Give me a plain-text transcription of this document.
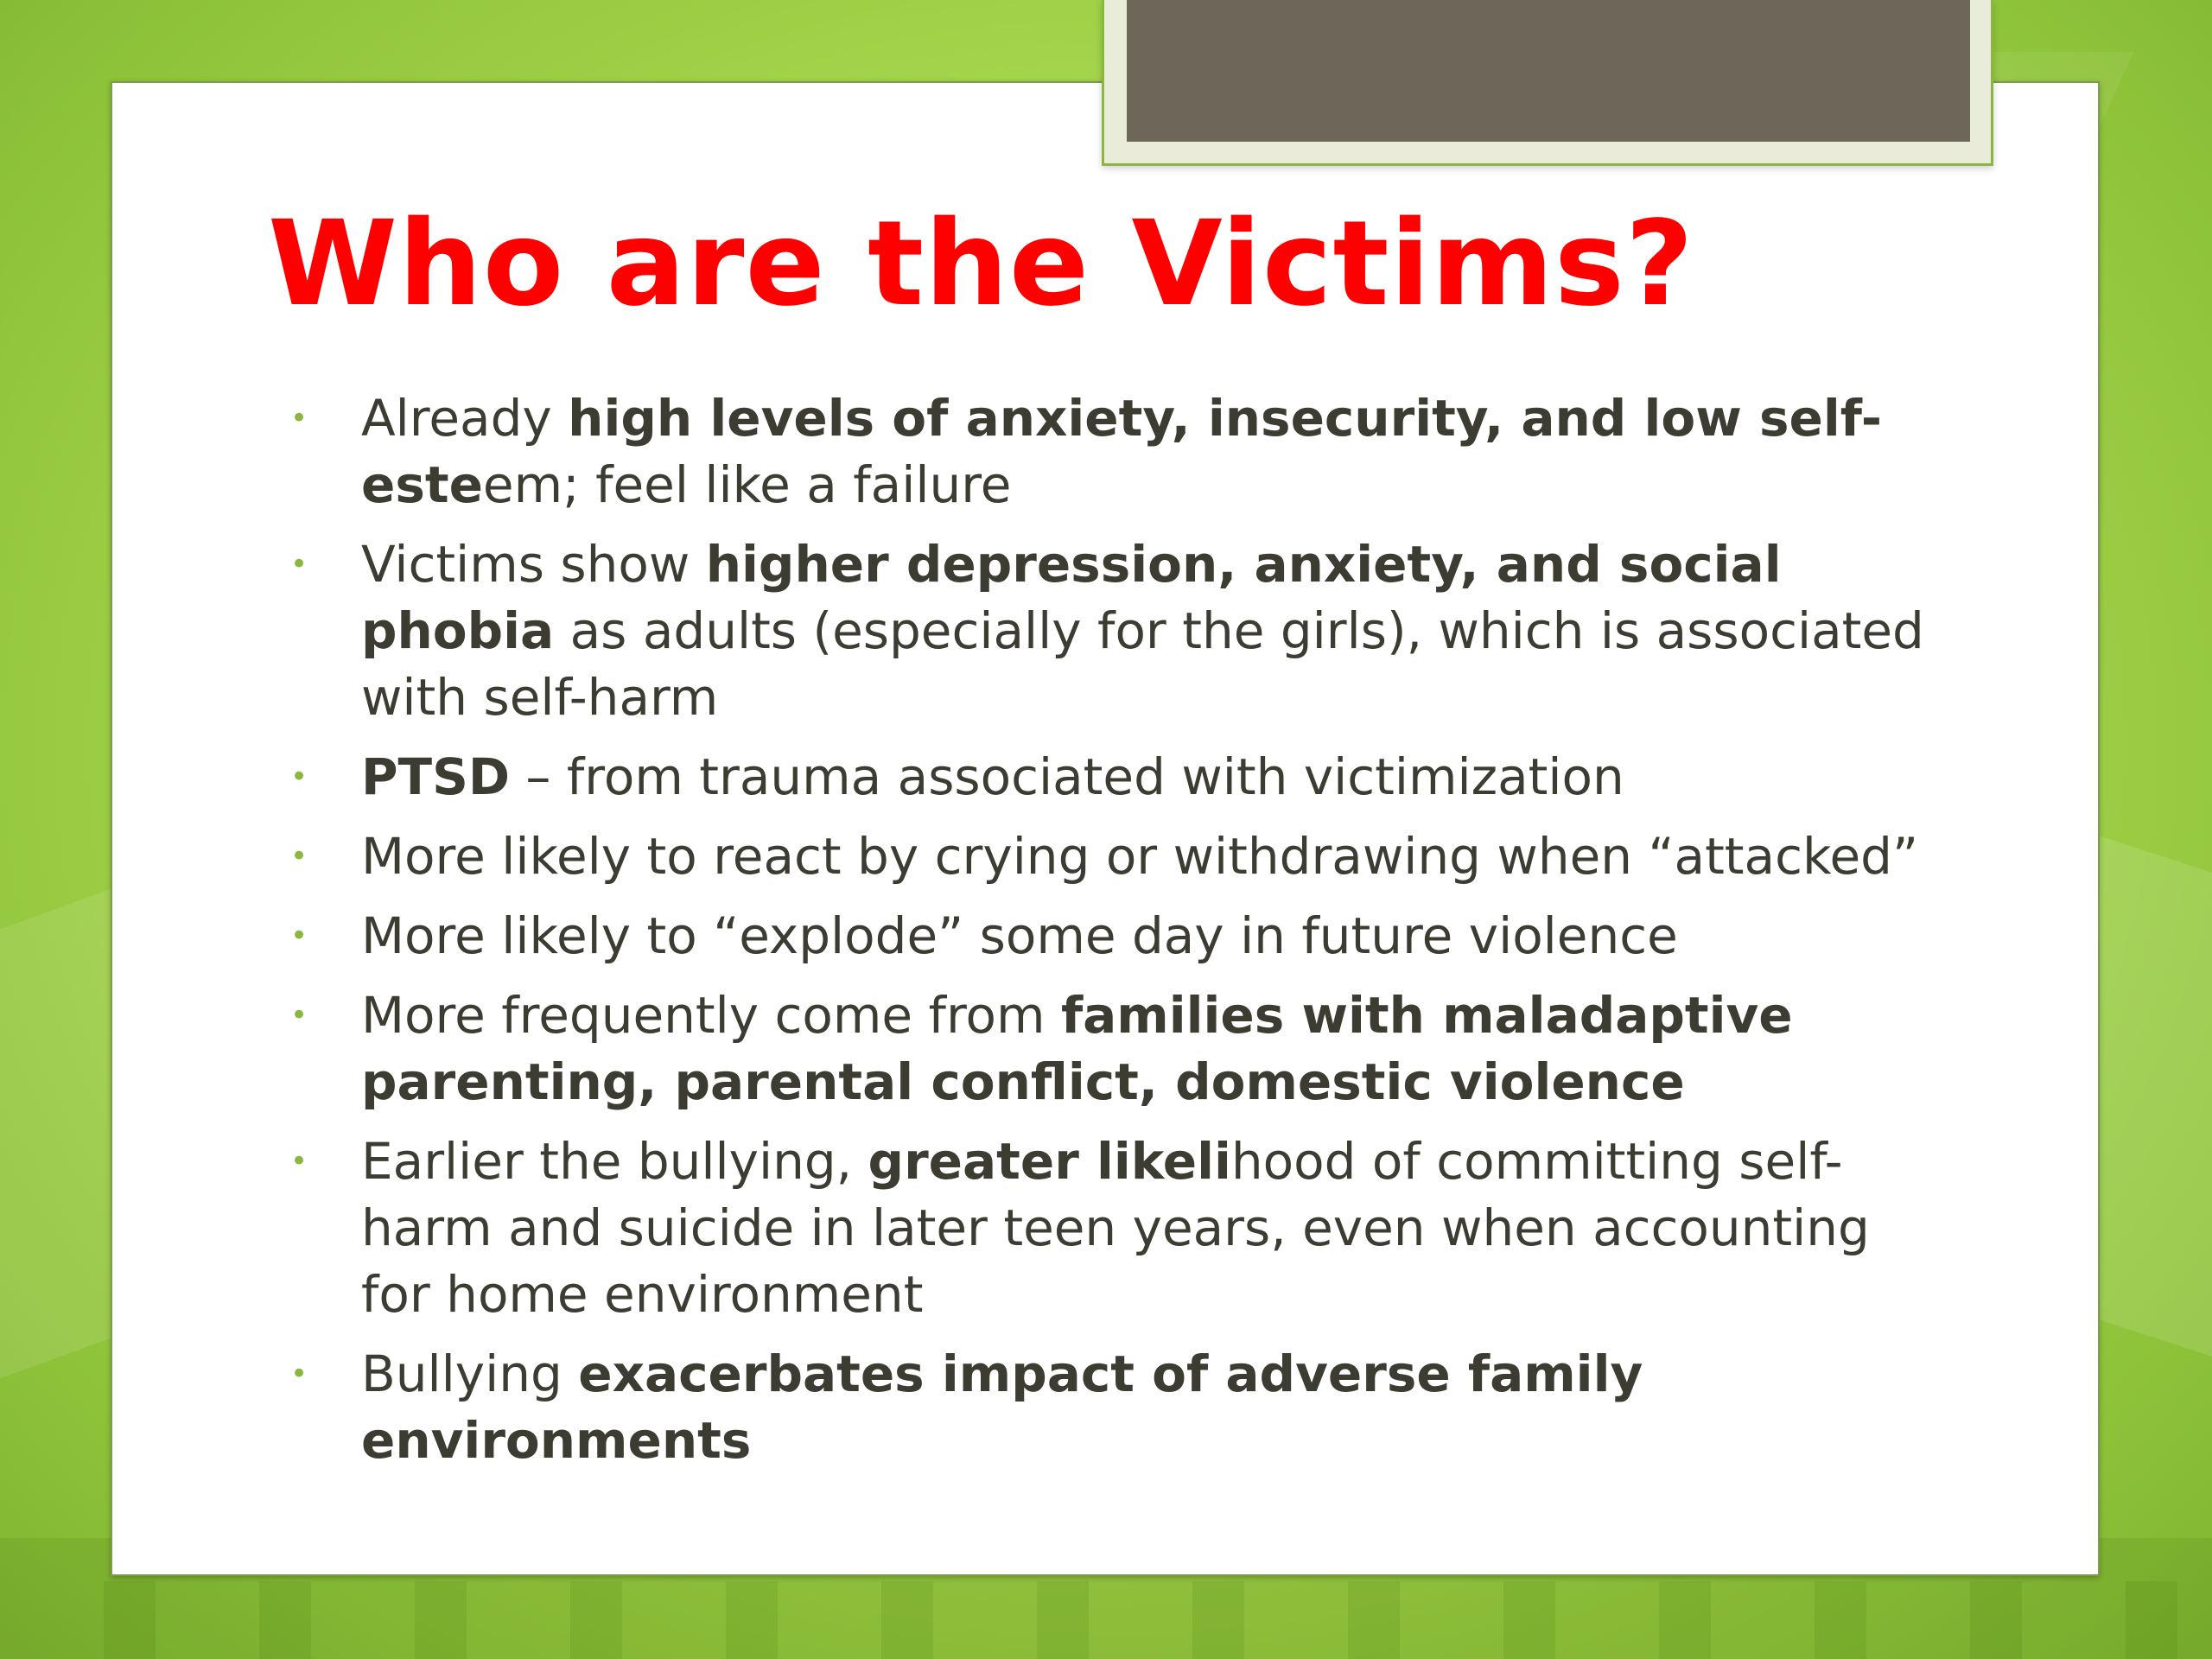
Who are the Victims?
• Already high levels of anxiety, insecurity, and low self-esteem; feel like a failure
• Victims show higher depression, anxiety, and social phobia as adults (especially for the girls), which is associated with self-harm
• PTSD – from trauma associated with victimization
• More likely to react by crying or withdrawing when “attacked”
• More likely to “explode” some day in future violence
• More frequently come from families with maladaptive parenting, parental conflict, domestic violence
• Earlier the bullying, greater likelihood of committing self-harm and suicide in later teen years, even when accounting for home environment
• Bullying exacerbates impact of adverse family environments
